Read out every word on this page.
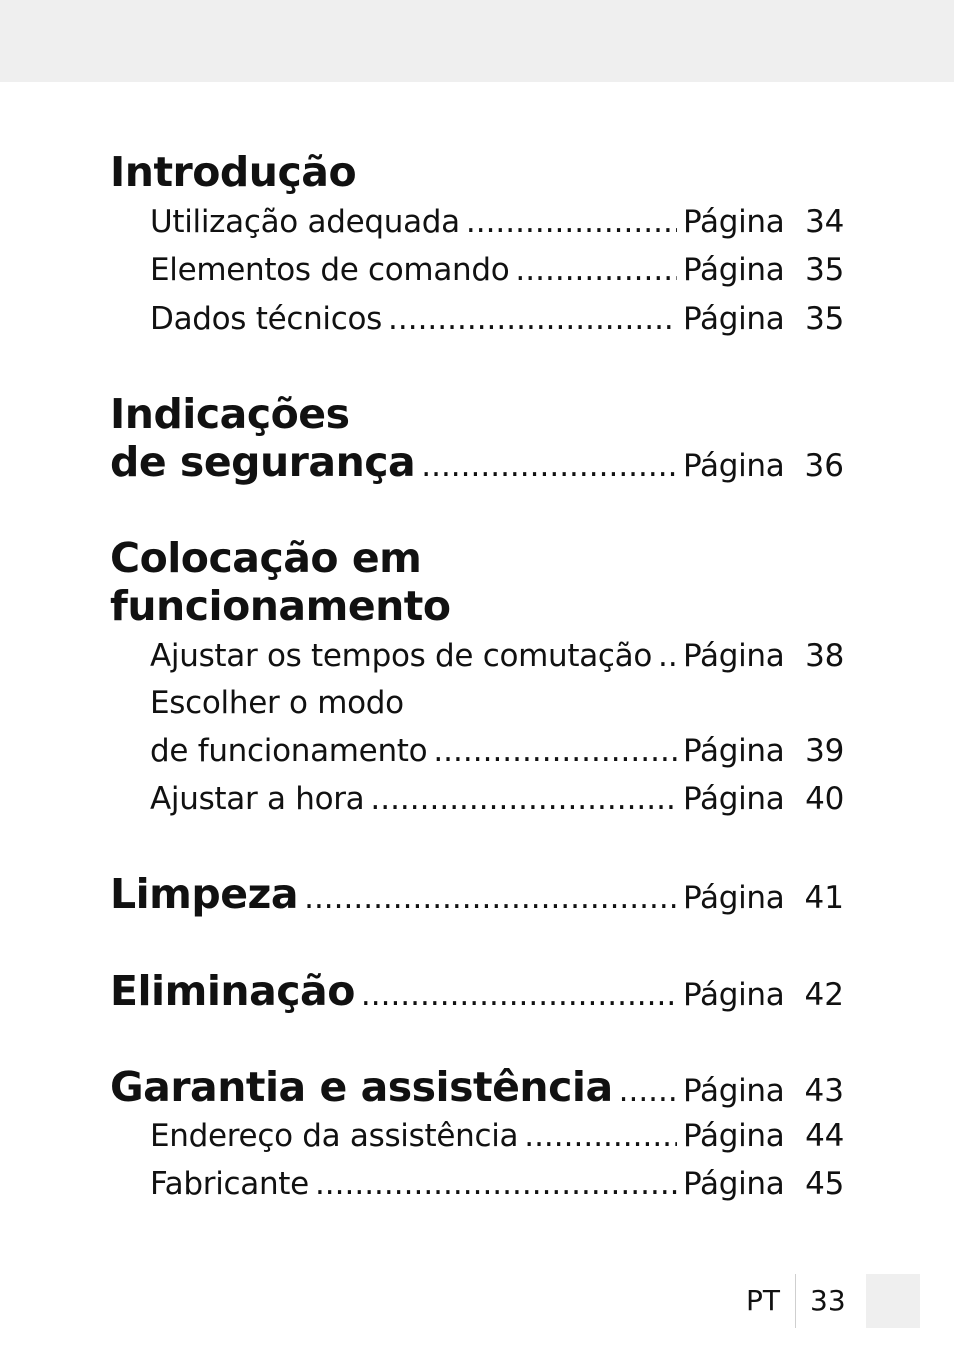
Introdução
Utilização adequada .....	Página 34
Elementos de comando .....	Página 35
Dados técnicos .....	Página 35
Indicações
de segurança .....	Página 36
Colocação em
funcionamento
Ajustar os tempos de comutação ..... Página 38
Escolher o modo
de funcionamento .....	Página 39
Ajustar a hora .....	Página 40
Limpeza .....	Página 41
Eliminação .....	Página 42
Garantia e assistência ..... Página 43
Endereço da assistência .....	Página 44
Fabricante .....	Página 45
PT 33
